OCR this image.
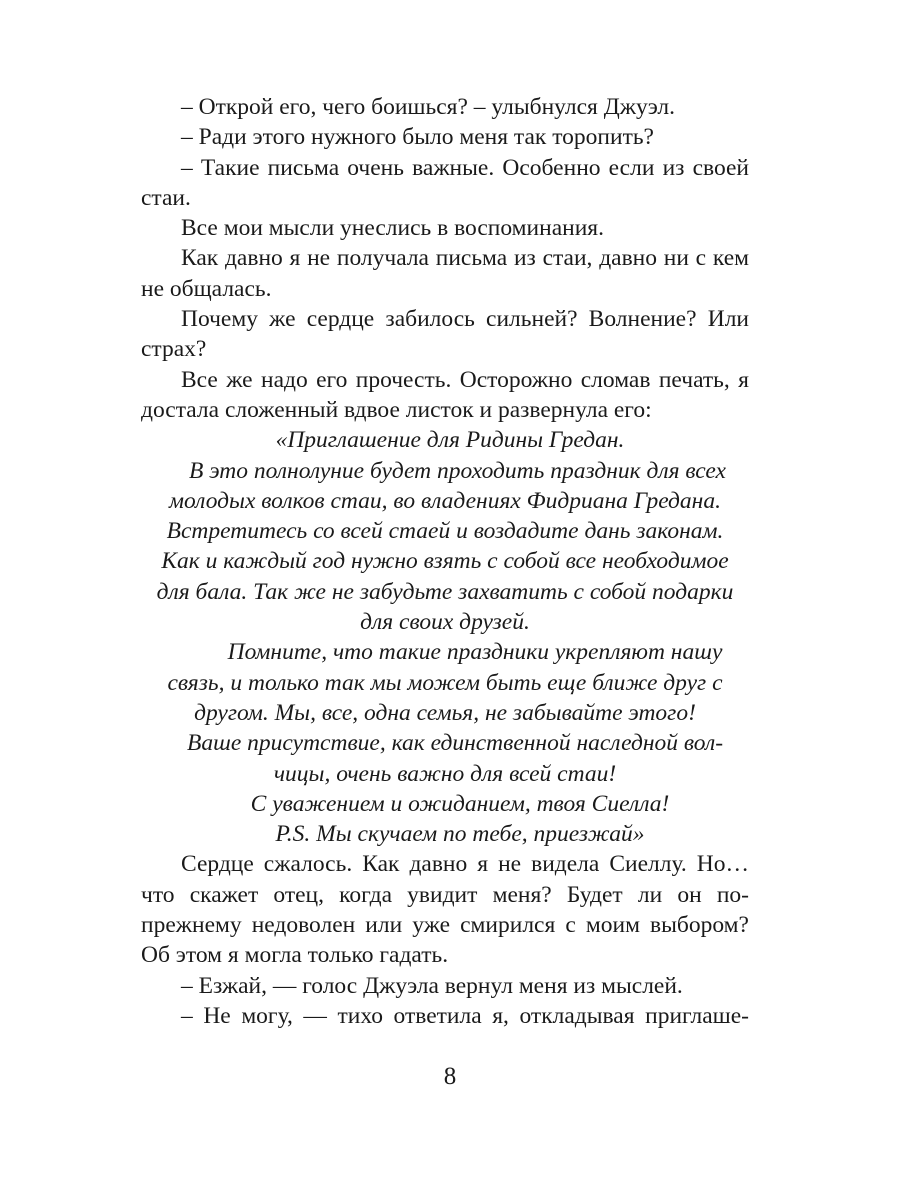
– Открой его, чего боишься? – улыбнулся Джуэл.

– Ради этого нужного было меня так торопить?

– Такие письма очень важные. Особенно если из своей стаи.

Все мои мысли унеслись в воспоминания.

Как давно я не получала письма из стаи, давно ни с кем не общалась.

Почему же сердце забилось сильней? Волнение? Или страх?

Все же надо его прочесть. Осторожно сломав печать, я достала сложенный вдвое листок и развернула его:

«Приглашение для Ридины Гредан.
В это полнолуние будет проходить праздник для всех
молодых волков стаи, во владениях Фидриана Гредана.
Встретитесь со всей стаей и воздадите дань законам.
Как и каждый год нужно взять с собой все необходимое
для бала. Так же не забудьте захватить с собой подарки
для своих друзей.
Помните, что такие праздники укрепляют нашу
связь, и только так мы можем быть еще ближе друг с
другом. Мы, все, одна семья, не забывайте этого!
Ваше присутствие, как единственной наследной вол-
чицы, очень важно для всей стаи!
С уважением и ожиданием, твоя Сиелла!
P.S. Мы скучаем по тебе, приезжай»

Сердце сжалось. Как давно я не видела Сиеллу. Но… что скажет отец, когда увидит меня? Будет ли он по-прежнему недоволен или уже смирился с моим выбором? Об этом я могла только гадать.

– Езжай, — голос Джуэла вернул меня из мыслей.

– Не могу, — тихо ответила я, откладывая приглаше-

8
